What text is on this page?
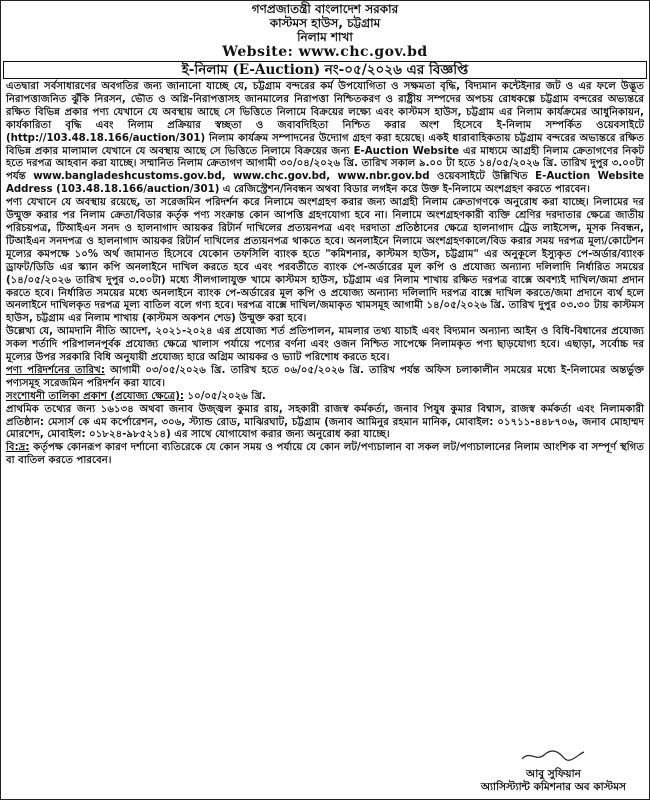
গণপ্রজাতন্ত্রী বাংলাদেশ সরকার

কাস্টমস হাউস, চট্টগ্রাম

নিলাম শাখা

Website: www.chc.gov.bd

ই-নিলাম (E-Auction) নং-০৫/২০২৬ এর বিজ্ঞপ্তি

এতদ্বারা সর্বসাধারণের অবগতির জন্য জানানো যাচ্ছে যে, চট্টগ্রাম বন্দরের কর্ম উপযোগিতা ও সক্ষমতা বৃদ্ধি, বিদ্যমান কন্টেইনার জট ও এর ফলে উদ্ভূত নিরাপত্তাজনিত ঝুঁকি নিরসন, ভৌত ও অগ্নি-নিরাপত্তাসহ জানমালের নিরাপত্তা নিশ্চিতকরণ ও রাষ্ট্রীয় সম্পদের অপচয় রোধকল্পে চট্টগ্রাম বন্দরের অভ্যন্তরে রক্ষিত বিভিন্ন প্রকার পণ্য যেখানে যে অবস্থায় আছে সে ভিত্তিতে নিলামে বিক্রয়ের লক্ষ্যে এবং কাস্টমস হাউস, চট্টগ্রাম এর নিলাম কার্যক্রমের আধুনিকায়ন, কার্যকারিতা বৃদ্ধি এবং নিলাম প্রক্রিয়ার স্বচ্ছতা ও জবাবদিহিতা নিশ্চিত করার অংশ হিসেবে ই-নিলাম সম্পর্কিত ওয়েবসাইটে (http://103.48.18.166/auction/301) নিলাম কার্যক্রম সম্পাদনের উদ্যোগ গ্রহণ করা হয়েছে। একই ধারাবাহিকতায় চট্টগ্রাম বন্দরের অভ্যন্তরে রক্ষিত বিভিন্ন প্রকার মালামাল যেখানে যে অবস্থায় আছে সে ভিত্তিতে নিলামে বিক্রয়ের জন্য E-Auction Website এর মাধ্যমে আগ্রহী নিলাম ক্রেতাগণের নিকট হতে দরপত্র আহবান করা যাচ্ছে। সম্মানিত নিলাম ক্রেতাগণ আগামী ৩০/০৪/২০২৬ খ্রি. তারিখ সকাল ৯.০০ টা হতে ১৪/০৫/২০২৬ খ্রি. তারিখ দুপুর ৩.০০টা পর্যন্ত www.bangladeshcustoms.gov.bd, www.chc.gov.bd, www.nbr.gov.bd ওয়েবসাইটে উল্লিখিত E-Auction Website Address (103.48.18.166/auction/301) এ রেজিস্ট্রেশন/নিবন্ধন অথবা বিডার লগইন করে উক্ত ই-নিলামে অংশগ্রহণ করতে পারবেন।

পণ্য যেখানে যে অবস্থায় রয়েছে, তা সরেজমিন পরিদর্শন করে নিলামে অংশগ্রহণ করার জন্য আগ্রহী নিলাম ক্রেতাগণকে অনুরোধ করা যাচ্ছে। নিলামের দর উন্মুক্ত করার পর নিলাম ক্রেতা/বিডার কর্তৃক পণ্য সংক্রান্ত কোন আপত্তি গ্রহণযোগ্য হবে না। নিলামে অংশগ্রহণকারী ব্যক্তি শ্রেণির দরদাতার ক্ষেত্রে জাতীয় পরিচয়পত্র, টিআইএন সনদ ও হালনাগাদ আয়কর রিটার্ন দাখিলের প্রত্যয়নপত্র এবং দরদাতা প্রতিষ্ঠানের ক্ষেত্রে হালনাগাদ ট্রেড লাইসেন্স, মূসক নিবন্ধন, টিআইএন সনদপত্র ও হালনাগাদ আয়কর রিটার্ন দাখিলের প্রত্যয়নপত্র থাকতে হবে। অনলাইনে নিলামে অংশগ্রহণকালে/বিড করার সময় দরপত্র মূল্য/কোটেশন মূল্যের কমপক্ষে ১০% অর্থ জামানত হিসেবে যেকোন তফসিলি ব্যাংক হতে "কমিশনার, কাস্টমস হাউস, চট্টগ্রাম" এর অনুকূলে ইস্যুকৃত পে-অর্ডার/ব্যাংক ড্রাফট/ডিডি এর স্ক্যান কপি অনলাইনে দাখিল করতে হবে এবং পরবর্তীতে ব্যাংক পে-অর্ডারের মূল কপি ও প্রযোজ্য অন্যান্য দলিলাদি নির্ধারিত সময়ের (১৪/০৫/২০২৬ তারিখ দুপুর ৩.০০টা) মধ্যে সীলগালাযুক্ত খামে কাস্টমস হাউস, চট্টগ্রাম এর নিলাম শাখায় রক্ষিত দরপত্র বাক্সে অবশ্যই দাখিল/জমা প্রদান করতে হবে। নির্ধারিত সময়ের মধ্যে অনলাইনে ব্যাংক পে-অর্ডারের মূল কপি ও প্রযোজ্য অন্যান্য দলিলাদি দরপত্র বাক্সে দাখিল করতে/জমা প্রদানে ব্যর্থ হলে অনলাইনে দাখিলকৃত দরপত্র মূল্য বাতিল বলে গণ্য হবে। দরপত্র বাক্সে দাখিল/জমাকৃত খামসমূহ আগামী ১৪/০৫/২০২৬ খ্রি. তারিখ দুপুর ০৩.৩০ টায় কাস্টমস হাউস, চট্টগ্রাম এর নিলাম শাখায় (কাস্টমস অকশন শেড) উন্মুক্ত করা হবে।

উল্লেখ্য যে, আমদানি নীতি আদেশ, ২০২১-২০২৪ এর প্রযোজ্য শর্ত প্রতিপালন, মামলার তথ্য যাচাই এবং বিদ্যমান অন্যান্য আইন ও বিধি-বিধানের প্রযোজ্য সকল শর্তাদি পরিপালনপূর্বক প্রযোজ্য ক্ষেত্রে খালাস পর্যায়ে পণ্যের বর্ণনা এবং ওজন নিশ্চিত সাপেক্ষে নিলামকৃত পণ্য ছাড়যোগ্য হবে। এছাড়া, সর্বোচ্চ দর মূল্যের উপর সরকারি বিধি অনুযায়ী প্রযোজ্য হারে অগ্রিম আয়কর ও ভ্যাট পরিশোধ করতে হবে।

পণ্য পরিদর্শনের তারিখ: আগামী ০৩/০৫/২০২৬ খ্রি. তারিখ হতে ০৬/০৫/২০২৬ খ্রি. তারিখ পর্যন্ত অফিস চলাকালীন সময়ের মধ্যে ই-নিলামের অন্তর্ভুক্ত পণ্যসমূহ সরেজমিন পরিদর্শন করা যাবে।

সংশোধনী তালিকা প্রকাশ (প্রযোজ্য ক্ষেত্রে): ১০/০৫/২০২৬ খ্রি.

প্রাথমিক তথ্যের জন্য ১৬১৩৪ অথবা জনাব উজ্জ্বল কুমার রায়, সহকারী রাজস্ব কর্মকর্তা, জনাব পিযুষ কুমার বিশ্বাস, রাজস্ব কর্মকর্তা এবং নিলামকারী প্রতিষ্ঠান: মেসার্স কে এম কর্পোরেশন, ৩০৬, স্ট্যান্ড রোড, মাঝিরঘাট, চট্টগ্রাম (জনাব আমিনুর রহমান মানিক, মোবাইল: ০১৭১১-৪৪৮৭০৬, জনাব মোহাম্মদ মোরশেদ, মোবাইল: ০১৮২৪-৯৮৫২১৪) এর সাথে যোগাযোগ করার জন্য অনুরোধ করা যাচ্ছে।

বি:দ্র: কর্তৃপক্ষ কোনরূপ কারণ দর্শানো ব্যতিরেকে যে কোন সময় ও পর্যায়ে যে কোন লট/পণ্যচালান বা সকল লট/পণ্যচালানের নিলাম আংশিক বা সম্পূর্ণ স্থগিত বা বাতিল করতে পারবেন।

আবু সুফিয়ান
অ্যাসিস্ট্যান্ট কমিশনার অব কাস্টমস
